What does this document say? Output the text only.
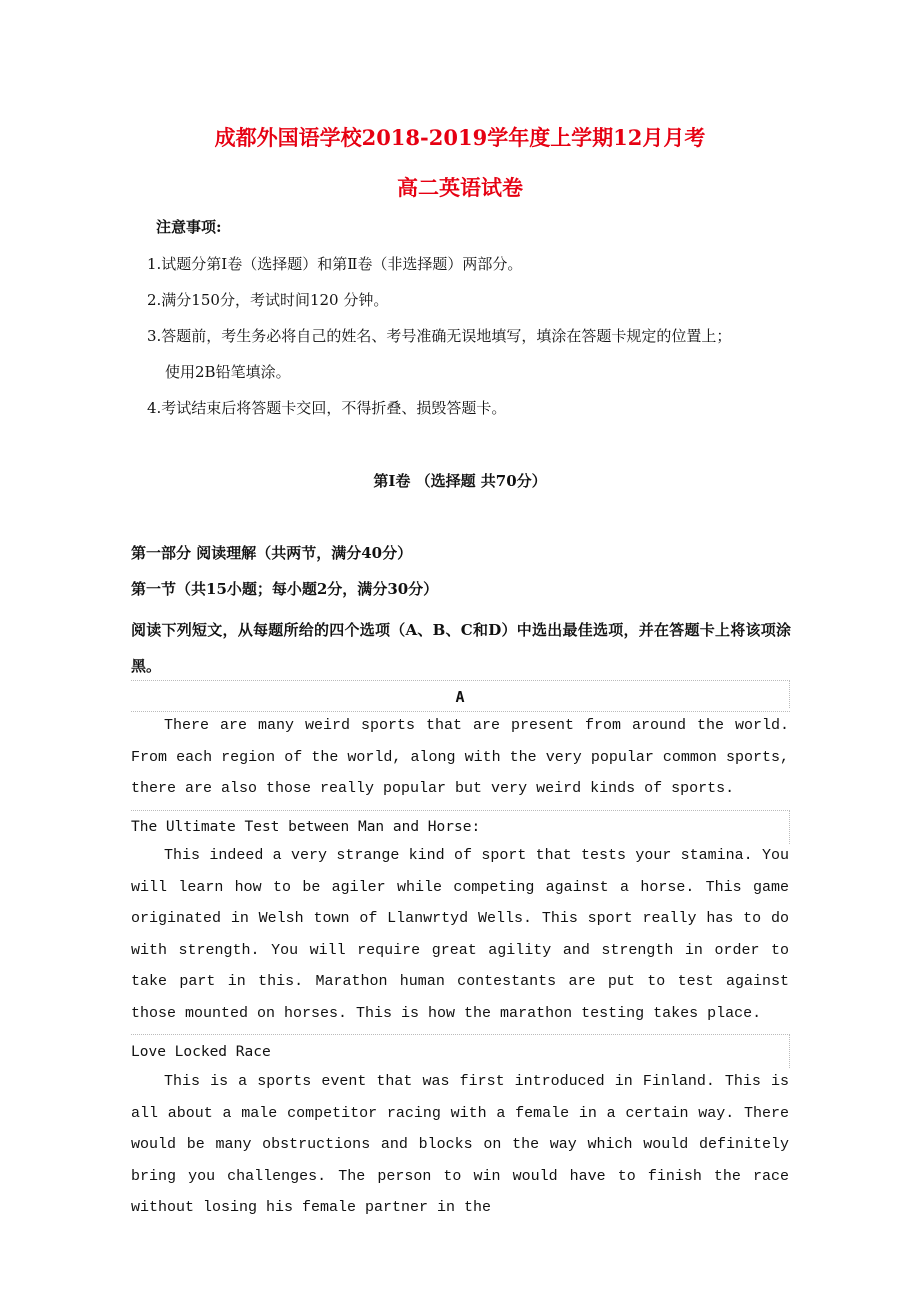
成都外国语学校2018-2019学年度上学期12月月考
高二英语试卷
注意事项:
1.试题分第Ⅰ卷（选择题）和第Ⅱ卷（非选择题）两部分。
2.满分150分，考试时间120 分钟。
3.答题前，考生务必将自己的姓名、考号准确无误地填写，填涂在答题卡规定的位置上；
使用2B铅笔填涂。
4.考试结束后将答题卡交回，不得折叠、损毁答题卡。
第Ⅰ卷 （选择题 共70分）
第一部分 阅读理解（共两节，满分40分）
第一节（共15小题；每小题2分，满分30分）
阅读下列短文，从每题所给的四个选项（A、B、C和D）中选出最佳选项，并在答题卡上将该项涂黑。
A

There are many weird sports that are present from around the world. From each region of the world, along with the very popular common sports, there are also those really popular but very weird kinds of sports.

The Ultimate Test between Man and Horse:

This indeed a very strange kind of sport that tests your stamina. You will learn how to be agiler while competing against a horse. This game originated in Welsh town of Llanwrtyd Wells. This sport really has to do with strength. You will require great agility and strength in order to take part in this. Marathon human contestants are put to test against those mounted on horses. This is how the marathon testing takes place.

Love Locked Race

This is a sports event that was first introduced in Finland. This is all about a male competitor racing with a female in a certain way. There would be many obstructions and blocks on the way which would definitely bring you challenges. The person to win would have to finish the race without losing his female partner in the
